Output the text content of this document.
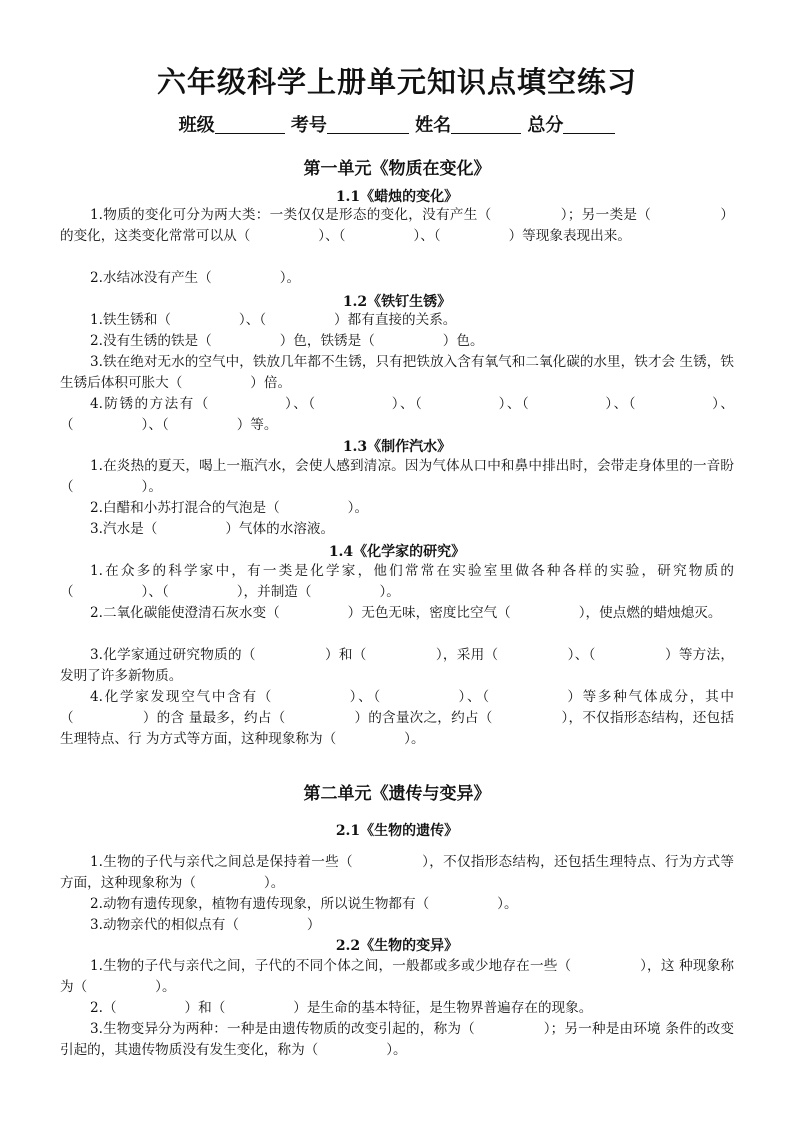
六年级科学上册单元知识点填空练习
班级	考号	姓名	总分
第一单元《物质在变化》
1.1《蜡烛的变化》
1.物质的变化可分为两大类：一类仅仅是形态的变化，没有产生（　　　　　）；另一类是（　　　　　）的变化，这类变化常常可以从（　　　　　）、（　　　　　）、（　　　　　）等现象表现出来。
2.水结冰没有产生（　　　　　）。
1.2《铁钉生锈》
1.铁生锈和（　　　　　）、（　　　　　）都有直接的关系。
2.没有生锈的铁是（　　　　　）色，铁锈是（　　　　　）色。
3.铁在绝对无水的空气中，铁放几年都不生锈，只有把铁放入含有氧气和二氧化碳的水里，铁才会 生锈，铁生锈后体积可胀大（　　　　　）倍。
4.防锈的方法有（　　　　　）、（　　　　　）、（　　　　　）、（　　　　　）、（　　　　　）、（　　　　　）、（　　　　　）等。
1.3《制作汽水》
1.在炎热的夏天，喝上一瓶汽水，会使人感到清凉。因为气体从口中和鼻中排出时，会带走身体里的一音盼（　　　　　）。
2.白醋和小苏打混合的气泡是（　　　　　）。
3.汽水是（　　　　　）气体的水溶液。
1.4《化学家的研究》
1.在众多的科学家中，有一类是化学家，他们常常在实验室里做各种各样的实验，研究物质的（　　　　　）、（　　　　　），并制造（　　　　　）。
2.二氧化碳能使澄清石灰水变（　　　　　）无色无味，密度比空气（　　　　　），使点燃的蜡烛熄灭。
3.化学家通过研究物质的（　　　　　）和（　　　　　），采用（　　　　　）、（　　　　　）等方法，发明了许多新物质。
4.化学家发现空气中含有（　　　　　）、（　　　　　）、（　　　　　）等多种气体成分，其中（　　　　　）的含 量最多，约占（　　　　　）的含量次之，约占（　　　　　），不仅指形态结构，还包括生理特点、行 为方式等方面，这种现象称为（　　　　　）。
第二单元《遗传与变异》
2.1《生物的遗传》
1.生物的子代与亲代之间总是保持着一些（　　　　　），不仅指形态结构，还包括生理特点、行为方式等方面，这种现象称为（　　　　　）。
2.动物有遗传现象，植物有遗传现象，所以说生物都有（　　　　　）。
3.动物亲代的相似点有（　　　　　）
2.2《生物的变异》
1.生物的子代与亲代之间，子代的不同个体之间，一般都或多或少地存在一些（　　　　　），这 种现象称为（　　　　　）。
2.（　　　　　）和（　　　　　）是生命的基本特征，是生物界普遍存在的现象。
3.生物变异分为两种：一种是由遗传物质的改变引起的，称为（　　　　　）；另一种是由环境 条件的改变引起的，其遗传物质没有发生变化，称为（　　　　　）。
